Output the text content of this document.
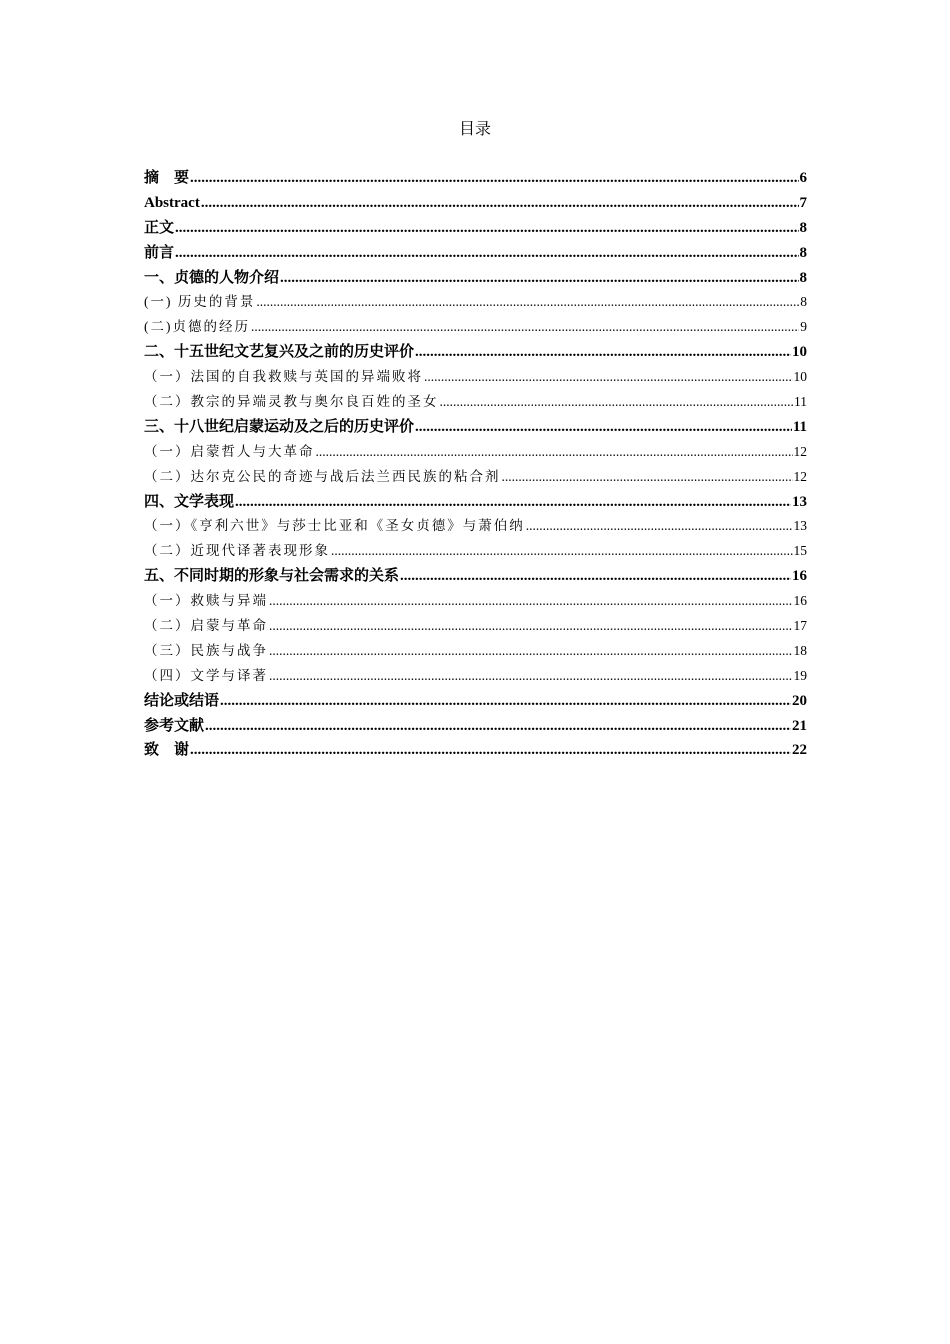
目录
摘　要 .....	6
Abstract .....	7
正文 .....	8
前言 .....	8
一、贞德的人物介绍 .....	8
(一) 历史的背景 .....	8
(二)贞德的经历 .....	9
二、十五世纪文艺复兴及之前的历史评价 .....	10
（一）法国的自我救赎与英国的异端败将 .....	10
（二）教宗的异端灵教与奥尔良百姓的圣女 .....	11
三、十八世纪启蒙运动及之后的历史评价 .....	11
（一）启蒙哲人与大革命 .....	12
（二）达尔克公民的奇迹与战后法兰西民族的粘合剂 .....	12
四、文学表现 .....	13
（一）《亨利六世》与莎士比亚和《圣女贞德》与萧伯纳 .....	13
（二）近现代译著表现形象 .....	15
五、不同时期的形象与社会需求的关系 .....	16
（一）救赎与异端 .....	16
（二）启蒙与革命 .....	17
（三）民族与战争 .....	18
（四）文学与译著 .....	19
结论或结语 .....	20
参考文献 .....	21
致　谢 .....	22
